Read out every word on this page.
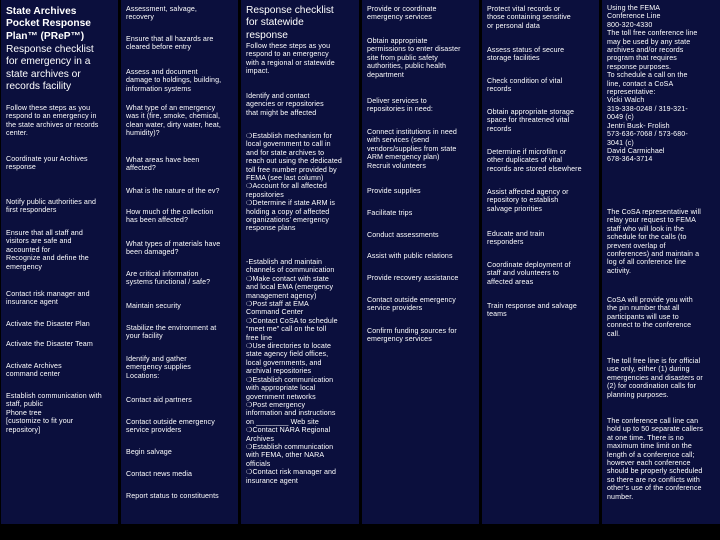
State Archives
Pocket Response
Plan™ (PReP™)

Response checklist
for emergency in a
state archives or
records facility

Follow these steps as you
respond to an emergency in
the state archives or records
center.

Coordinate your Archives
response

Notify public authorities and
first responders

Ensure that all staff and
visitors are safe and
accounted for
Recognize and define the
emergency

Contact risk manager and
insurance agent

Activate the Disaster Plan

Activate the Disaster Team

Activate Archives
command center

Establish communication with
staff, public
Phone tree
[customize to fit your
repository]

Assessment, salvage,
recovery

Ensure that all hazards are
cleared before entry

Assess and document
damage to holdings, building,
information systems

What type of an emergency
was it (fire, smoke, chemical,
clean water, dirty water, heat,
humidity)?

What areas have been
affected?

What is the nature of the ev?

How much of the collection
has been affected?

What types of materials have
been damaged?

Are critical information
systems functional / safe?

Maintain security

Stabilize the environment at
your facility

Identify and gather
emergency supplies
Locations:

Contact aid partners

Contact outside emergency
service providers

Begin salvage

Contact news media

Report status to constituents

Response checklist
for statewide
response

Follow these steps as you
respond to an emergency
with a regional or statewide
impact.

Identify and contact
agencies or repositories
that might be affected

❍Establish mechanism for
local government to call in
and for state archives to
reach out using the dedicated
toll free number provided by
FEMA (see last column)
❍Account for all affected
repositories
❍Determine if state ARM is
holding a copy of affected
organizations’ emergency
response plans

-Establish and maintain
channels of communication
❍Make contact with state
and local EMA (emergency
management agency)
❍Post staff at EMA
Command Center
❍Contact CoSA to schedule
“meet me” call on the toll
free line
❍Use directories to locate
state agency field offices,
local governments, and
archival repositories
❍Establish communication
with appropriate local
government networks
❍Post emergency
information and instructions
on ________ Web site
❍Contact NARA Regional
Archives
❍Establish communication
with FEMA, other NARA
officials
❍Contact risk manager and
insurance agent

Provide or coordinate
emergency services

Obtain appropriate
permissions to enter disaster
site from public safety
authorities, public health
department

Deliver services to
repositories in need:

Connect institutions in need
with services (send
vendors/supplies from state
ARM emergency plan)
Recruit volunteers

Provide supplies

Facilitate trips

Conduct assessments

Assist with public relations

Provide recovery assistance

Contact outside emergency
service providers

Confirm funding sources for
emergency services

Protect vital records or
those containing sensitive
or personal data

Assess status of secure
storage facilities

Check condition of vital
records

Obtain appropriate storage
space for threatened vital
records

Determine if microfilm or
other duplicates of vital
records are stored elsewhere

Assist affected agency or
repository to establish
salvage priorities

Educate and train
responders

Coordinate deployment of
staff and volunteers to
affected areas

Train response and salvage
teams

Using the FEMA
Conference Line
800-320-4330
The toll free conference line
may be used by any state
archives and/or records
program that requires
response purposes.
To schedule a call on the
line, contact a CoSA
representative:
Vicki Walch
319-338-0248 / 319-321-
0049 (c)
Jentri Busk- Frolish
573-636-7068 / 573-680-
3041 (c)
David Carmichael
678-364-3714

The CoSA representative will
relay your request to FEMA
staff who will look in the
schedule for the calls (to
prevent overlap of
conferences) and maintain a
log of all conference line
activity.

CoSA will provide you with
the pin number that all
participants will use to
connect to the conference
call.

The toll free line is for official
use only, either (1) during
emergencies and disasters or
(2) for coordination calls for
planning purposes.

The conference call line can
hold up to 50 separate callers
at one time. There is no
maximum time limit on the
length of a conference call;
however each conference
should be properly scheduled
so there are no conflicts with
other’s use of the conference
number.
